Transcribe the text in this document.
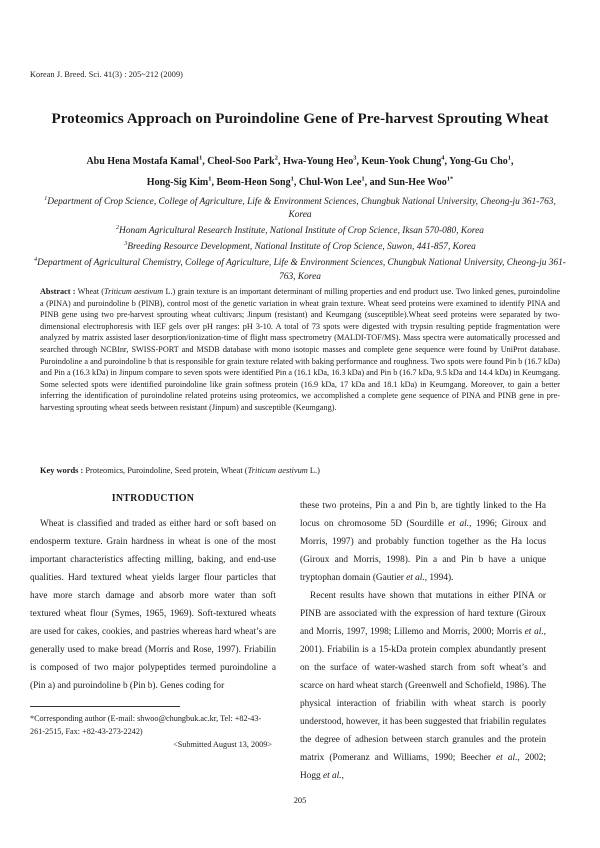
Korean J. Breed. Sci. 41(3) : 205~212 (2009)
Proteomics Approach on Puroindoline Gene of Pre-harvest Sprouting Wheat
Abu Hena Mostafa Kamal$^1$, Cheol-Soo Park$^2$, Hwa-Young Heo$^3$, Keun-Yook Chung$^4$, Yong-Gu Cho$^1$,
Hong-Sig Kim$^1$, Beom-Heon Song$^1$, Chul-Won Lee$^1$, and Sun-Hee Woo$^{1*}$
$^1$Department of Crop Science, College of Agriculture, Life & Environment Sciences, Chungbuk National University, Cheong-ju 361-763, Korea
$^2$Honam Agricultural Research Institute, National Institute of Crop Science, Iksan 570-080, Korea
$^3$Breeding Resource Development, National Institute of Crop Science, Suwon, 441-857, Korea
$^4$Department of Agricultural Chemistry, College of Agriculture, Life & Environment Sciences, Chungbuk National University, Cheong-ju 361-763, Korea
Abstract : Wheat (Triticum aestivum L.) grain texture is an important determinant of milling properties and end product use. Two linked genes, puroindoline a (PINA) and puroindoline b (PINB), control most of the genetic variation in wheat grain texture. Wheat seed proteins were examined to identify PINA and PINB gene using two pre-harvest sprouting wheat cultivars; Jinpum (resistant) and Keumgang (susceptible).Wheat seed proteins were separated by two-dimensional electrophoresis with IEF gels over pH ranges: pH 3-10. A total of 73 spots were digested with trypsin resulting peptide fragmentation were analyzed by matrix assisted laser desorption/ionization-time of flight mass spectrometry (MALDI-TOF/MS). Mass spectra were automatically processed and searched through NCBInr, SWISS-PORT and MSDB database with mono isotopic masses and complete gene sequence were found by UniProt database. Puroindoline a and puroindoline b that is responsible for grain texture related with baking performance and roughness. Two spots were found Pin b (16.7 kDa) and Pin a (16.3 kDa) in Jinpum compare to seven spots were identified Pin a (16.1 kDa, 16.3 kDa) and Pin b (16.7 kDa, 9.5 kDa and 14.4 kDa) in Keumgang. Some selected spots were identified puroindoline like grain softness protein (16.9 kDa, 17 kDa and 18.1 kDa) in Keumgang. Moreover, to gain a better inferring the identification of puroindoline related proteins using proteomics, we accomplished a complete gene sequence of PINA and PINB gene in pre-harvesting sprouting wheat seeds between resistant (Jinpum) and susceptible (Keumgang).
Key words : Proteomics, Puroindoline, Seed protein, Wheat (Triticum aestivum L.)
INTRODUCTION

Wheat is classified and traded as either hard or soft based on endosperm texture. Grain hardness in wheat is one of the most important characteristics affecting milling, baking, and end-use qualities. Hard textured wheat yields larger flour particles that have more starch damage and absorb more water than soft textured wheat flour (Symes, 1965, 1969). Soft-textured wheats are used for cakes, cookies, and pastries whereas hard wheat’s are generally used to make bread (Morris and Rose, 1997). Friabilin is composed of two major polypeptides termed puroindoline a (Pin a) and puroindoline b (Pin b). Genes coding for

these two proteins, Pin a and Pin b, are tightly linked to the Ha locus on chromosome 5D (Sourdille et al., 1996; Giroux and Morris, 1997) and probably function together as the Ha locus (Giroux and Morris, 1998). Pin a and Pin b have a unique tryptophan domain (Gautier et al., 1994).

Recent results have shown that mutations in either PINA or PINB are associated with the expression of hard texture (Giroux and Morris, 1997, 1998; Lillemo and Morris, 2000; Morris et al., 2001). Friabilin is a 15-kDa protein complex abundantly present on the surface of water-washed starch from soft wheat’s and scarce on hard wheat starch (Greenwell and Schofield, 1986). The physical interaction of friabilin with wheat starch is poorly understood, however, it has been suggested that friabilin regulates the degree of adhesion between starch granules and the protein matrix (Pomeranz and Williams, 1990; Beecher et al., 2002; Hogg et al.,

*Corresponding author (E-mail: shwoo@chungbuk.ac.kr, Tel: +82-43-261-2515, Fax: +82-43-273-2242)
<Submitted August 13, 2009>
205
